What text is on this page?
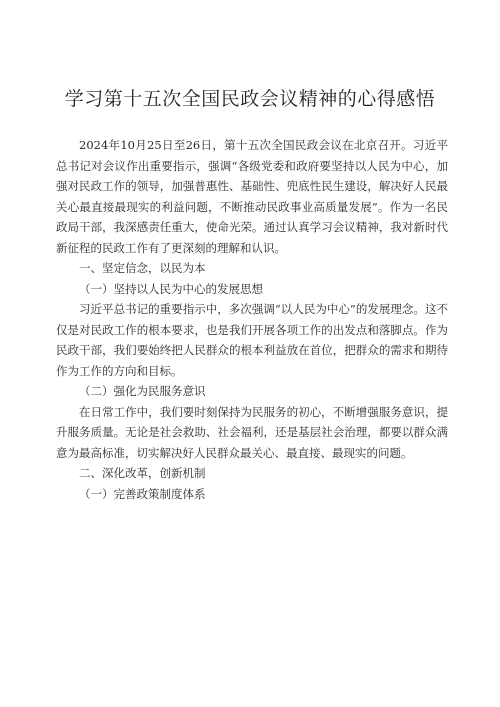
学习第十五次全国民政会议精神的心得感悟

2024年10月25日至26日，第十五次全国民政会议在北京召开。习近平总书记对会议作出重要指示，强调“各级党委和政府要坚持以人民为中心，加强对民政工作的领导，加强普惠性、基础性、兜底性民生建设，解决好人民最关心最直接最现实的利益问题，不断推动民政事业高质量发展”。作为一名民政局干部，我深感责任重大，使命光荣。通过认真学习会议精神，我对新时代新征程的民政工作有了更深刻的理解和认识。

一、坚定信念，以民为本

（一）坚持以人民为中心的发展思想

习近平总书记的重要指示中，多次强调“以人民为中心”的发展理念。这不仅是对民政工作的根本要求，也是我们开展各项工作的出发点和落脚点。作为民政干部，我们要始终把人民群众的根本利益放在首位，把群众的需求和期待作为工作的方向和目标。

（二）强化为民服务意识

在日常工作中，我们要时刻保持为民服务的初心，不断增强服务意识，提升服务质量。无论是社会救助、社会福利，还是基层社会治理，都要以群众满意为最高标准，切实解决好人民群众最关心、最直接、最现实的问题。

二、深化改革，创新机制

（一）完善政策制度体系
